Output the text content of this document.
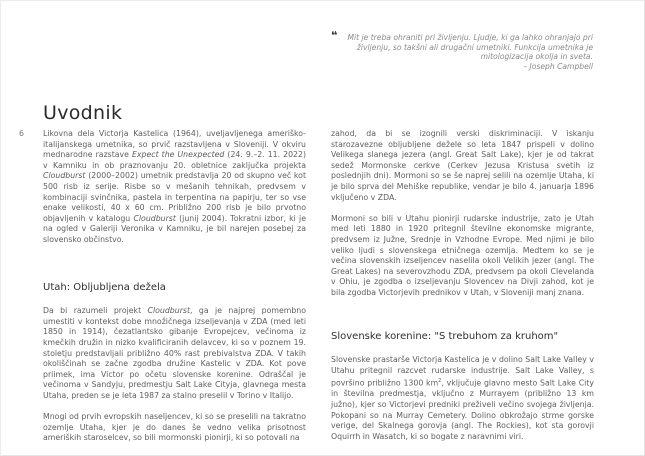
❝	Mit je treba ohraniti pri življenju. Ljudje, ki ga lahko ohranjajo pri življenju, so takšni ali drugačni umetniki. Funkcija umetnika je mitologizacija okolja in sveta.
– Joseph Campbell
Uvodnik
6 Likovna dela Victorja Kastelica (1964), uveljavljenega ameriško-italijanskega umetnika, so prvič razstavljena v Sloveniji. V okviru mednarodne razstave Expect the Unexpected (24. 9.–2. 11. 2022) v Kamniku in ob praznovanju 20. obletnice zaključka projekta Cloudburst (2000–2002) umetnik predstavlja 20 od skupno več kot 500 risb iz serije. Risbe so v mešanih tehnikah, predvsem v kombinaciji svinčnika, pastela in terpentina na papirju, ter so vse enake velikosti, 40 x 60 cm. Približno 200 risb je bilo prvotno objavljenih v katalogu Cloudburst (junij 2004). Tokratni izbor, ki je na ogled v Galeriji Veronika v Kamniku, je bil narejen posebej za slovensko občinstvo.

Utah: Obljubljena dežela

Da bi razumeli projekt Cloudburst, ga je najprej pomembno umestiti v kontekst dobe množičnega izseljevanja v ZDA (med leti 1850 in 1914), čezatlantsko gibanje Evropejcev, večinoma iz kmečkih družin in nizko kvalificiranih delavcev, ki so v poznem 19. stoletju predstavljali približno 40% rast prebivalstva ZDA. V takih okoliščinah se začne zgodba družine Kastelic v ZDA. Kot pove priimek, ima Victor po očetu slovenske korenine. Odraščal je večinoma v Sandyju, predmestju Salt Lake Cityja, glavnega mesta Utaha, preden se je leta 1987 za stalno preselil v Torino v Italijo.

Mnogi od prvih evropskih naseljencev, ki so se preselili na takratno ozemlje Utaha, kjer je do danes še vedno velika prisotnost ameriških staroselcev, so bili mormonski pionirji, ki so potovali na

zahod, da bi se izognili verski diskriminaciji. V iskanju starozavezne obljubljene dežele so leta 1847 prispeli v dolino Velikega slanega jezera (angl. Great Salt Lake), kjer je od takrat sedež Mormonske cerkve (Cerkev Jezusa Kristusa svetih iz poslednjih dni). Mormoni so se še naprej selili na ozemlje Utaha, ki je bilo sprva del Mehiške republike, vendar je bilo 4. januarja 1896 vključeno v ZDA.

Mormoni so bili v Utahu pionirji rudarske industrije, zato je Utah med leti 1880 in 1920 pritegnil številne ekonomske migrante, predvsem iz Južne, Srednje in Vzhodne Evrope. Med njimi je bilo veliko ljudi s slovenskega etničnega ozemlja. Medtem ko se je večina slovenskih izseljencev naselila okoli Velikih jezer (angl. The Great Lakes) na severovzhodu ZDA, predvsem pa okoli Clevelanda v Ohiu, je zgodba o izseljevanju Slovencev na Divji zahod, kot je bila zgodba Victorjevih prednikov v Utah, v Sloveniji manj znana.

Slovenske korenine: "S trebuhom za kruhom"

Slovenske prastarše Victorja Kastelica je v dolino Salt Lake Valley v Utahu pritegnil razcvet rudarske industrije. Salt Lake Valley, s površino približno 1300 $km^2$, vključuje glavno mesto Salt Lake City in številna predmestja, vključno z Murrayem (približno 13 km južno), kjer so Victorjevi predniki preživeli večino svojega življenja. Pokopani so na Murray Cemetery. Dolino obkrožajo strme gorske verige, del Skalnega gorovja (angl. The Rockies), kot sta gorovji Oquirrh in Wasatch, ki so bogate z naravnimi viri.
